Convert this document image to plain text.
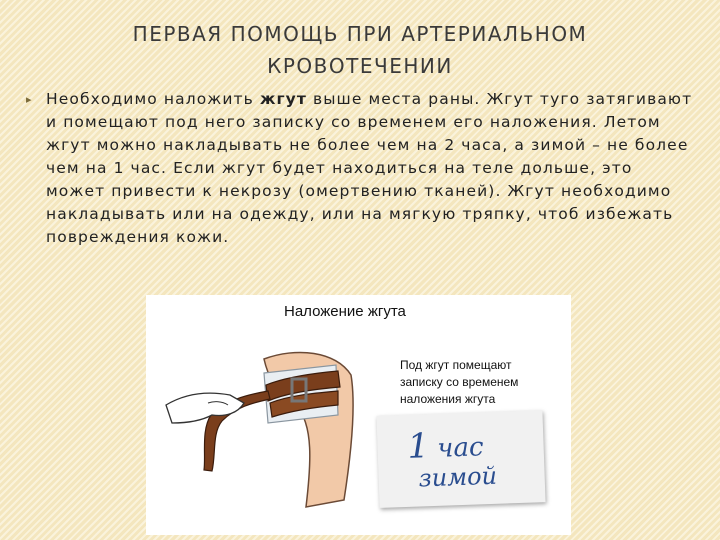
ПЕРВАЯ ПОМОЩЬ ПРИ АРТЕРИАЛЬНОМ
КРОВОТЕЧЕНИИ
▸ Необходимо наложить жгут выше места раны. Жгут туго затягивают и помещают под него записку со временем его наложения. Летом жгут можно накладывать не более чем на 2 часа, а зимой – не более чем на 1 час. Если жгут будет находиться на теле дольше, это может привести к некрозу (омертвению тканей). Жгут необходимо накладывать или на одежду, или на мягкую тряпку, чтоб избежать повреждения кожи.
Наложение жгута
Под жгут помещают
записку со временем
наложения жгута
1 час
зимой
